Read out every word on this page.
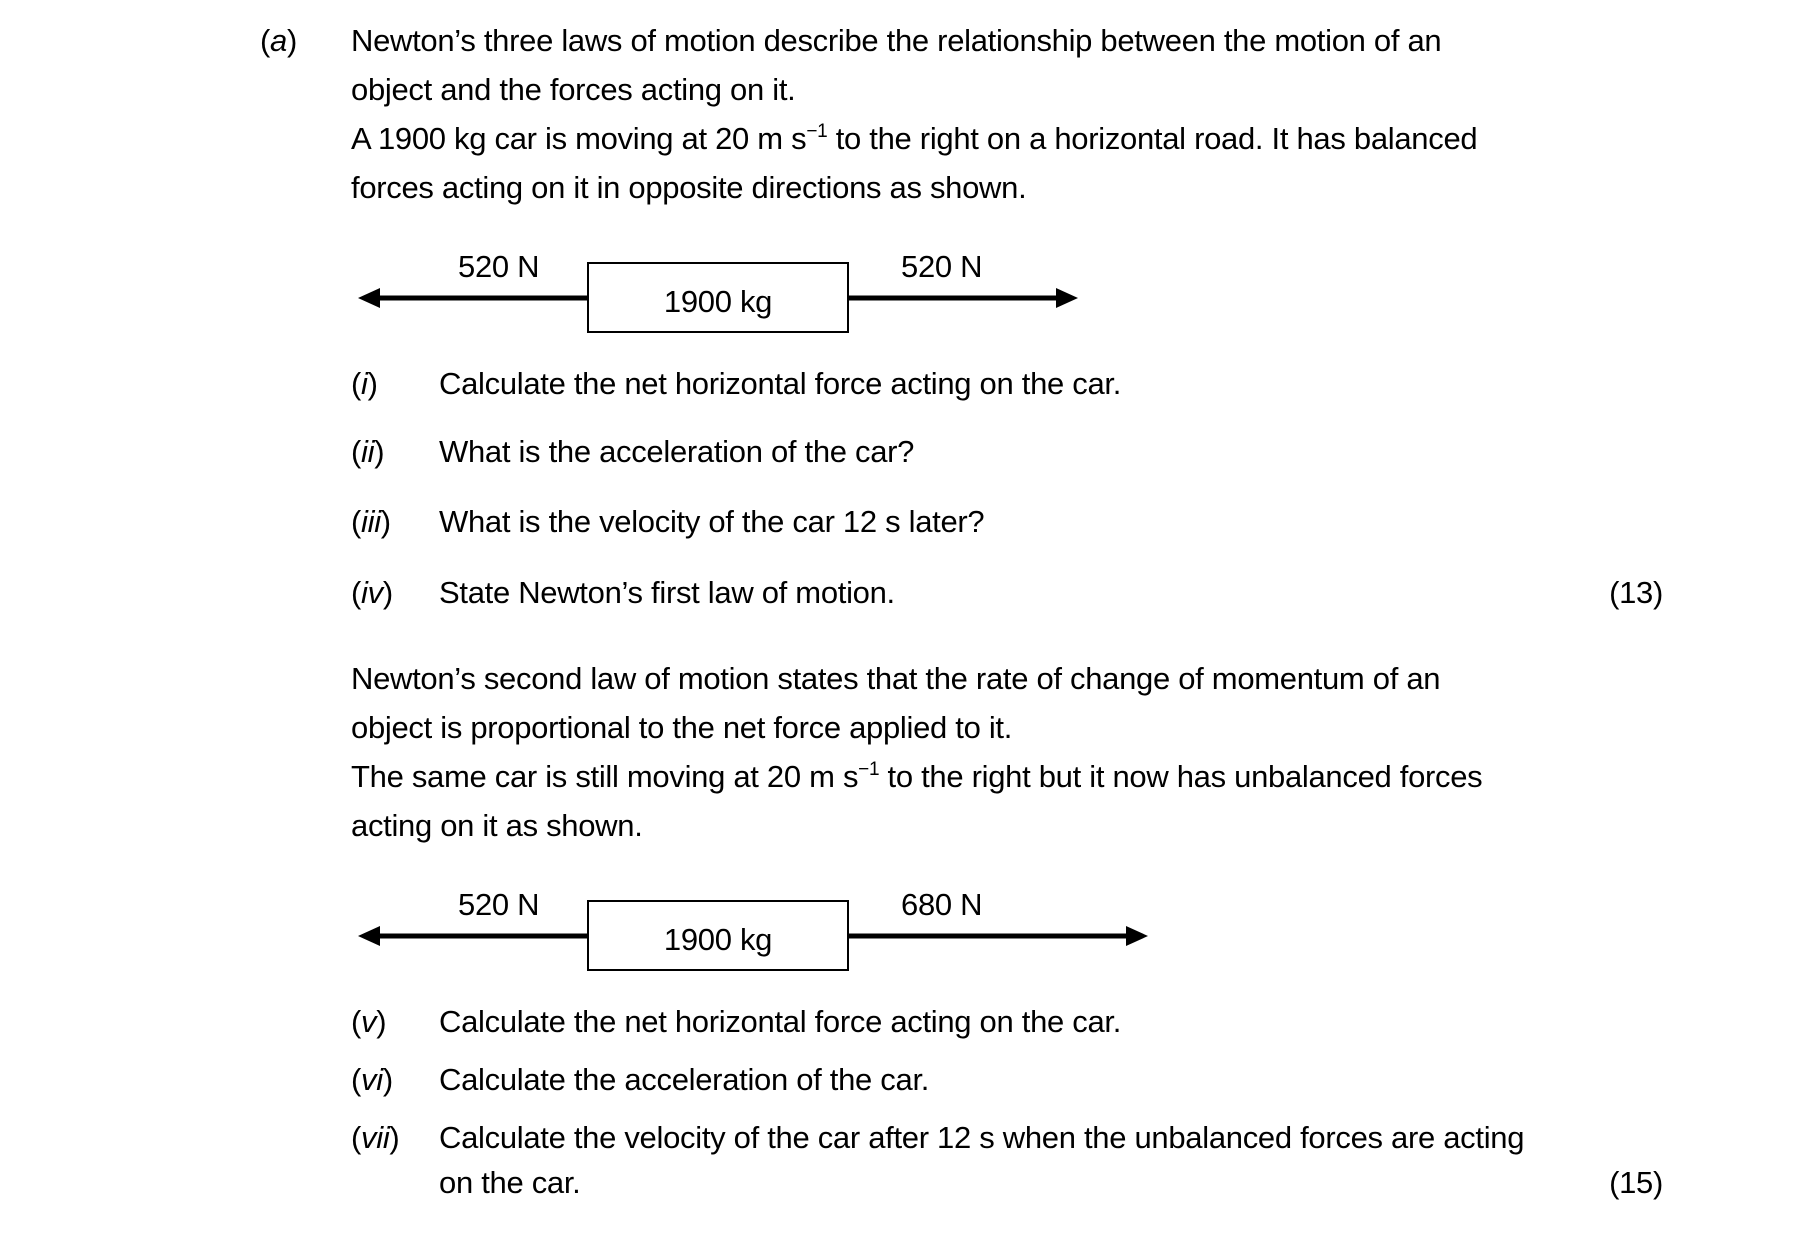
(a) Newton’s three laws of motion describe the relationship between the motion of an
object and the forces acting on it.
A 1900 kg car is moving at 20 m $s^{-1}$ to the right on a horizontal road. It has balanced
forces acting on it in opposite directions as shown.
520 N	520 N
1900 kg
(i) Calculate the net horizontal force acting on the car.
(ii) What is the acceleration of the car?
(iii) What is the velocity of the car 12 s later?
(iv) State Newton’s first law of motion.	(13)
Newton’s second law of motion states that the rate of change of momentum of an
object is proportional to the net force applied to it.
The same car is still moving at 20 m $s^{-1}$ to the right but it now has unbalanced forces
acting on it as shown.
520 N	680 N
1900 kg
(v) Calculate the net horizontal force acting on the car.
(vi) Calculate the acceleration of the car.
(vii) Calculate the velocity of the car after 12 s when the unbalanced forces are acting
on the car.	(15)
